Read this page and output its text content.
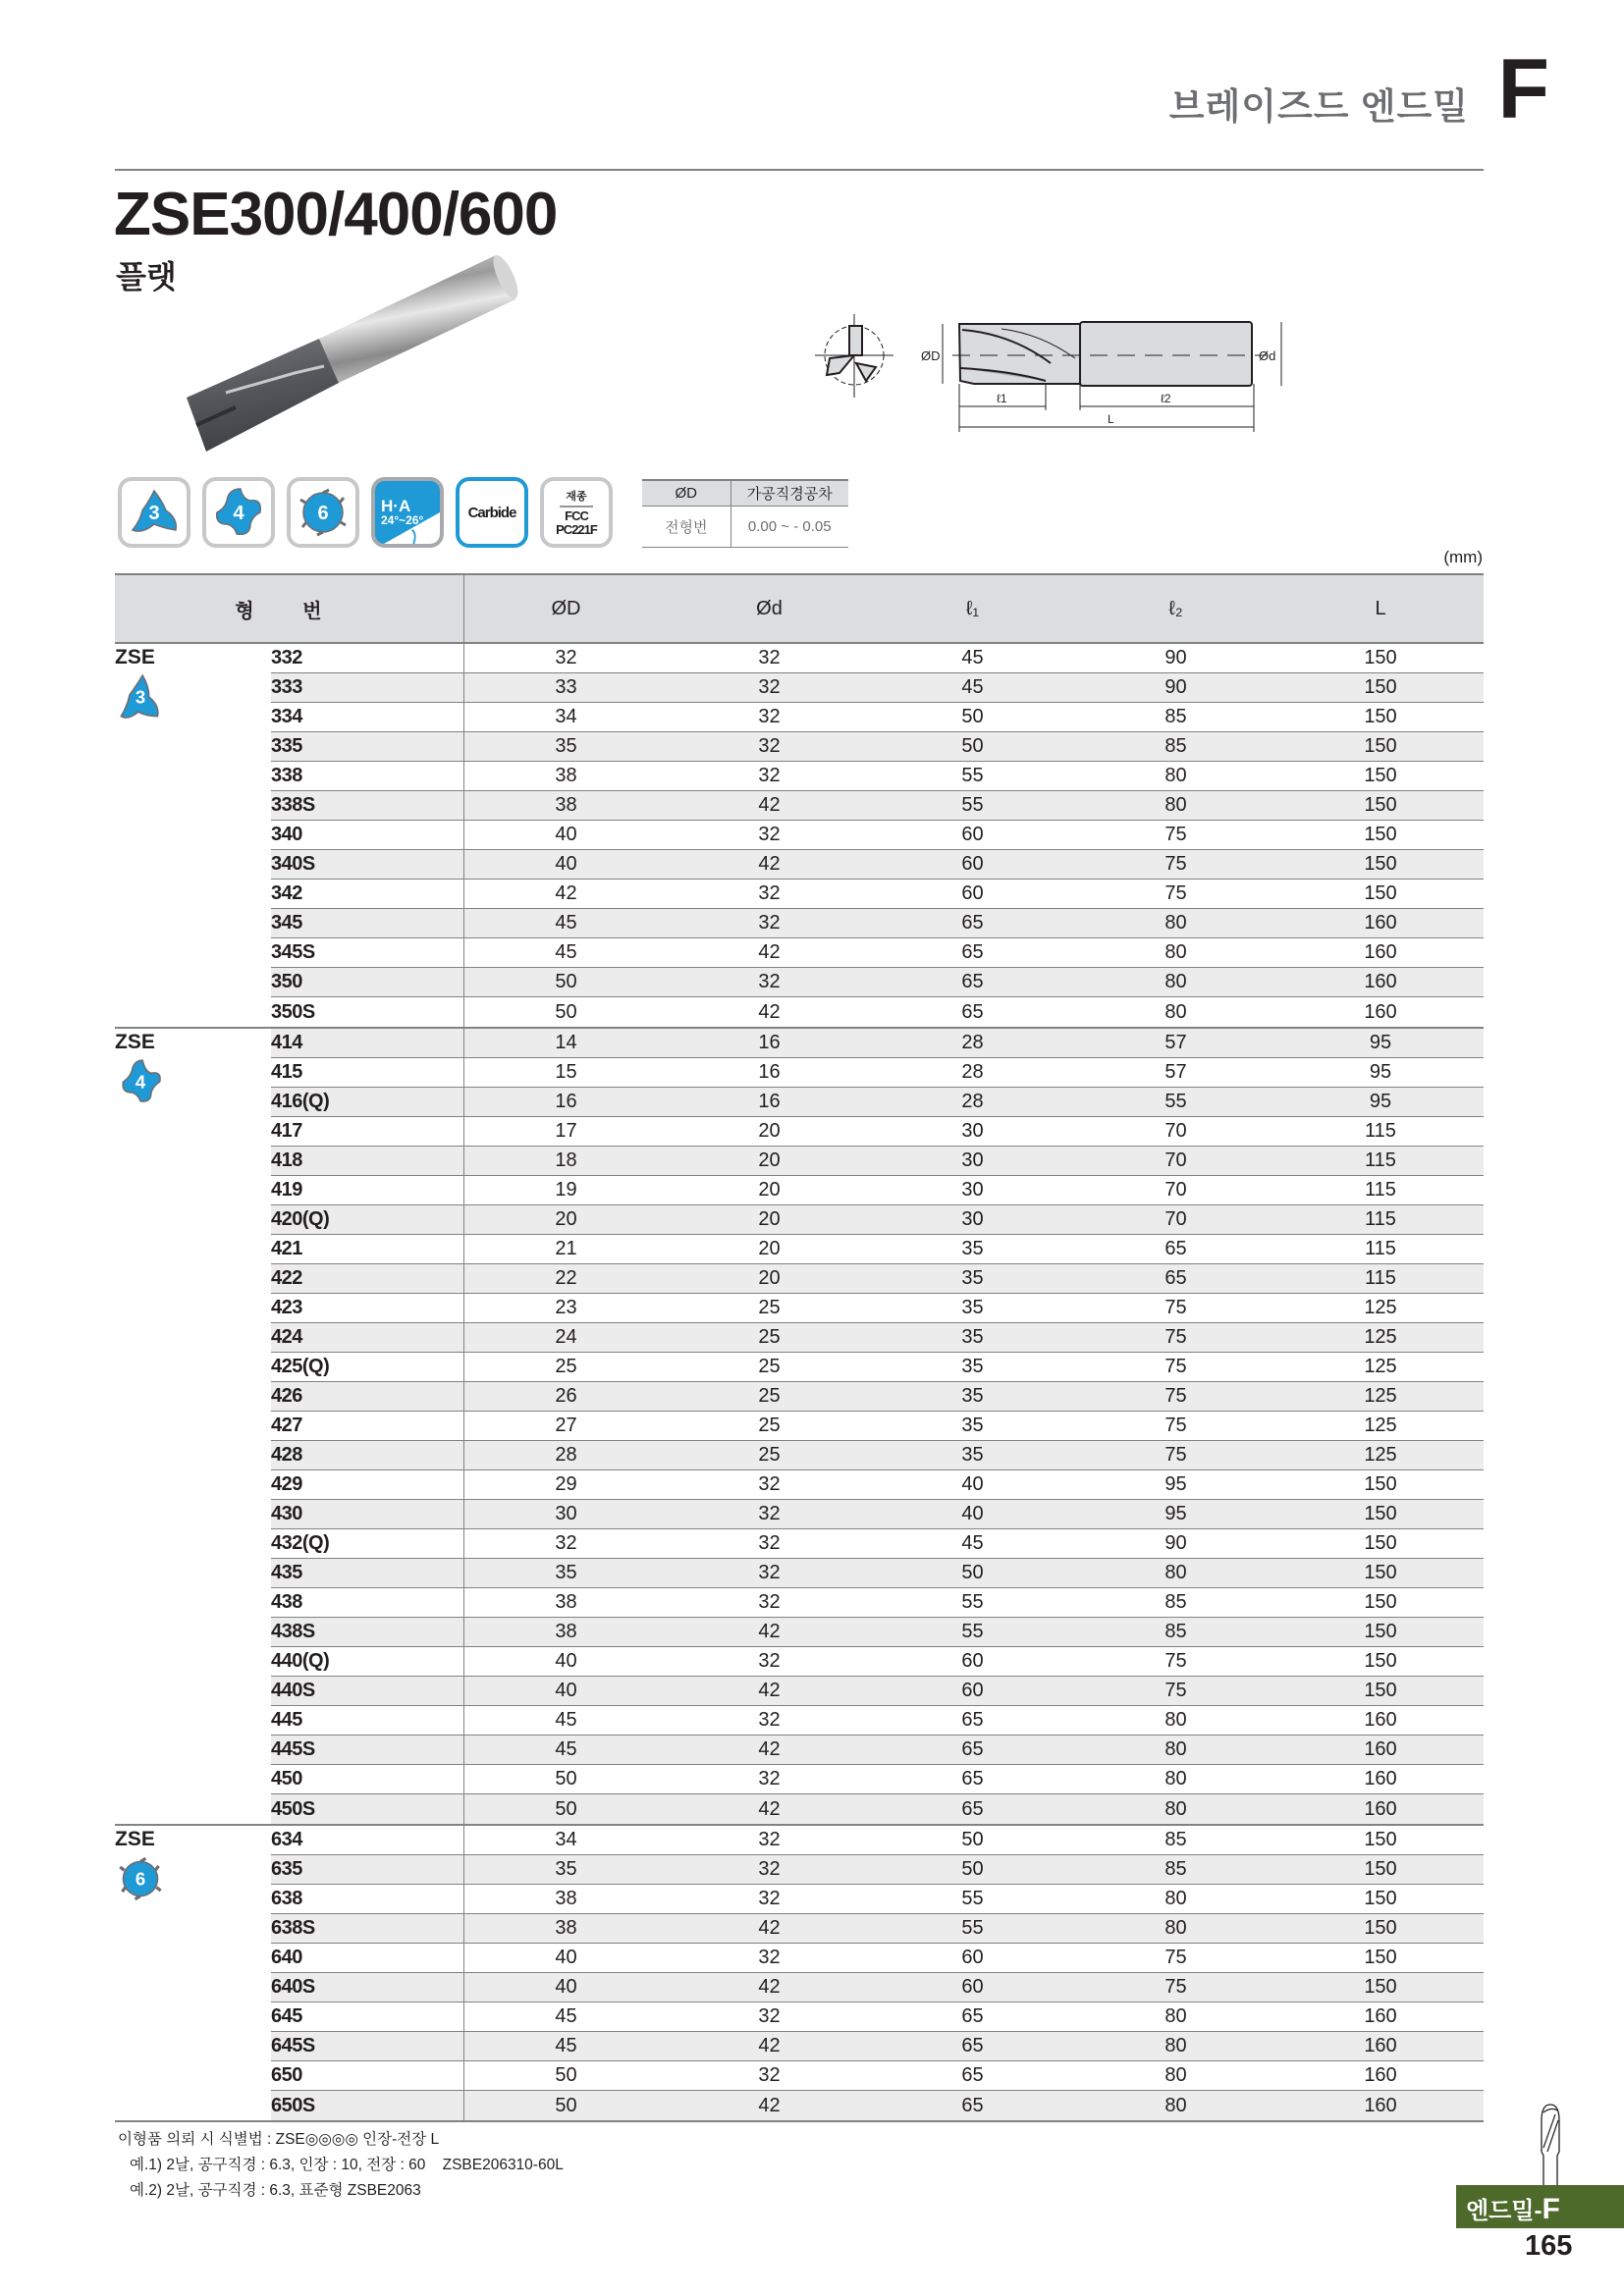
브레이즈드 엔드밀 F
ZSE300/400/600
플랫
ØD	Ød
ℓ1	ℓ2
L
3	4	6	H·A
24°~26°	Carbide
재종
FCC
PC221F
ØD	가공직경공차
전형번	0.00 ~ - 0.05
(mm)
형 번	ØD	Ød	ℓ₁	ℓ₂	L
ZSE
3
332	32	32	45	90	150
333	33	32	45	90	150
334	34	32	50	85	150
335	35	32	50	85	150
338	38	32	55	80	150
338S	38	42	55	80	150
340	40	32	60	75	150
340S	40	42	60	75	150
342	42	32	60	75	150
345	45	32	65	80	160
345S	45	42	65	80	160
350	50	32	65	80	160
350S	50	42	65	80	160
ZSE
4
414	14	16	28	57	95
415	15	16	28	57	95
416(Q)	16	16	28	55	95
417	17	20	30	70	115
418	18	20	30	70	115
419	19	20	30	70	115
420(Q)	20	20	30	70	115
421	21	20	35	65	115
422	22	20	35	65	115
423	23	25	35	75	125
424	24	25	35	75	125
425(Q)	25	25	35	75	125
426	26	25	35	75	125
427	27	25	35	75	125
428	28	25	35	75	125
429	29	32	40	95	150
430	30	32	40	95	150
432(Q)	32	32	45	90	150
435	35	32	50	80	150
438	38	32	55	85	150
438S	38	42	55	85	150
440(Q)	40	32	60	75	150
440S	40	42	60	75	150
445	45	32	65	80	160
445S	45	42	65	80	160
450	50	32	65	80	160
450S	50	42	65	80	160
ZSE
6
634	34	32	50	85	150
635	35	32	50	85	150
638	38	32	55	80	150
638S	38	42	55	80	150
640	40	32	60	75	150
640S	40	42	60	75	150
645	45	32	65	80	160
645S	45	42	65	80	160
650	50	32	65	80	160
650S	50	42	65	80	160
이형품 의뢰 시 식별법 : ZSE◎◎◎◎ 인장-전장 L
예.1) 2날, 공구직경 : 6.3, 인장 : 10, 전장 : 60    ZSBE206310-60L
예.2) 2날, 공구직경 : 6.3, 표준형 ZSBE2063
엔드밀-F
165
